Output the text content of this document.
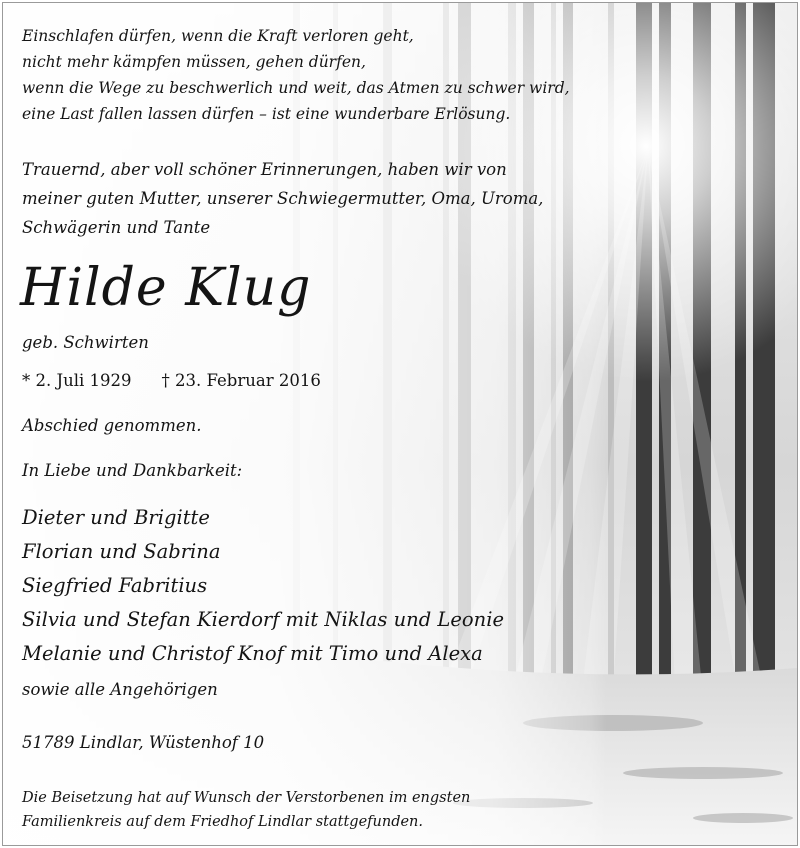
Einschlafen dürfen, wenn die Kraft verloren geht,
nicht mehr kämpfen müssen, gehen dürfen,
wenn die Wege zu beschwerlich und weit, das Atmen zu schwer wird,
eine Last fallen lassen dürfen – ist eine wunderbare Erlösung.

Trauernd, aber voll schöner Erinnerungen, haben wir von
meiner guten Mutter, unserer Schwiegermutter, Oma, Uroma,
Schwägerin und Tante

Hilde Klug

geb. Schwirten

* 2. Juli 1929 † 23. Februar 2016

Abschied genommen.

In Liebe und Dankbarkeit:

Dieter und Brigitte
Florian und Sabrina
Siegfried Fabritius
Silvia und Stefan Kierdorf mit Niklas und Leonie
Melanie und Christof Knof mit Timo und Alexa

sowie alle Angehörigen

51789 Lindlar, Wüstenhof 10

Die Beisetzung hat auf Wunsch der Verstorbenen im engsten
Familienkreis auf dem Friedhof Lindlar stattgefunden.
